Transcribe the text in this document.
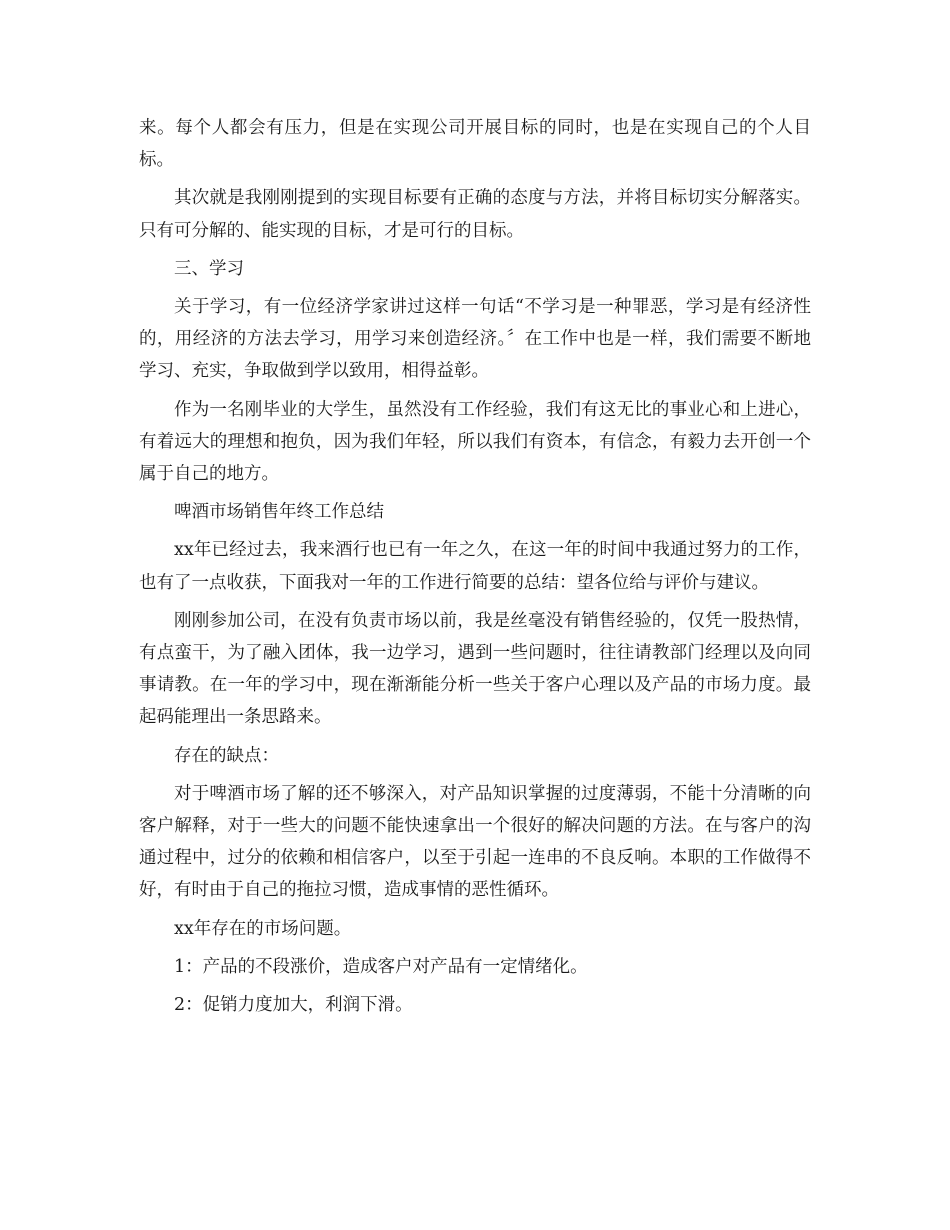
来。每个人都会有压力，但是在实现公司开展目标的同时，也是在实现自己的个人目标。

其次就是我刚刚提到的实现目标要有正确的态度与方法，并将目标切实分解落实。只有可分解的、能实现的目标，才是可行的目标。

三、学习

关于学习，有一位经济学家讲过这样一句话“不学习是一种罪恶，学习是有经济性的，用经济的方法去学习，用学习来创造经济。〞在工作中也是一样，我们需要不断地学习、充实，争取做到学以致用，相得益彰。

作为一名刚毕业的大学生，虽然没有工作经验，我们有这无比的事业心和上进心，有着远大的理想和抱负，因为我们年轻，所以我们有资本，有信念，有毅力去开创一个属于自己的地方。

啤酒市场销售年终工作总结

xx年已经过去，我来酒行也已有一年之久，在这一年的时间中我通过努力的工作，也有了一点收获，下面我对一年的工作进行简要的总结：望各位给与评价与建议。

刚刚参加公司，在没有负责市场以前，我是丝毫没有销售经验的，仅凭一股热情，有点蛮干，为了融入团体，我一边学习，遇到一些问题时，往往请教部门经理以及向同事请教。在一年的学习中，现在渐渐能分析一些关于客户心理以及产品的市场力度。最起码能理出一条思路来。

存在的缺点：

对于啤酒市场了解的还不够深入，对产品知识掌握的过度薄弱，不能十分清晰的向客户解释，对于一些大的问题不能快速拿出一个很好的解决问题的方法。在与客户的沟通过程中，过分的依赖和相信客户，以至于引起一连串的不良反响。本职的工作做得不好，有时由于自己的拖拉习惯，造成事情的恶性循环。

xx年存在的市场问题。

1：产品的不段涨价，造成客户对产品有一定情绪化。

2：促销力度加大，利润下滑。
